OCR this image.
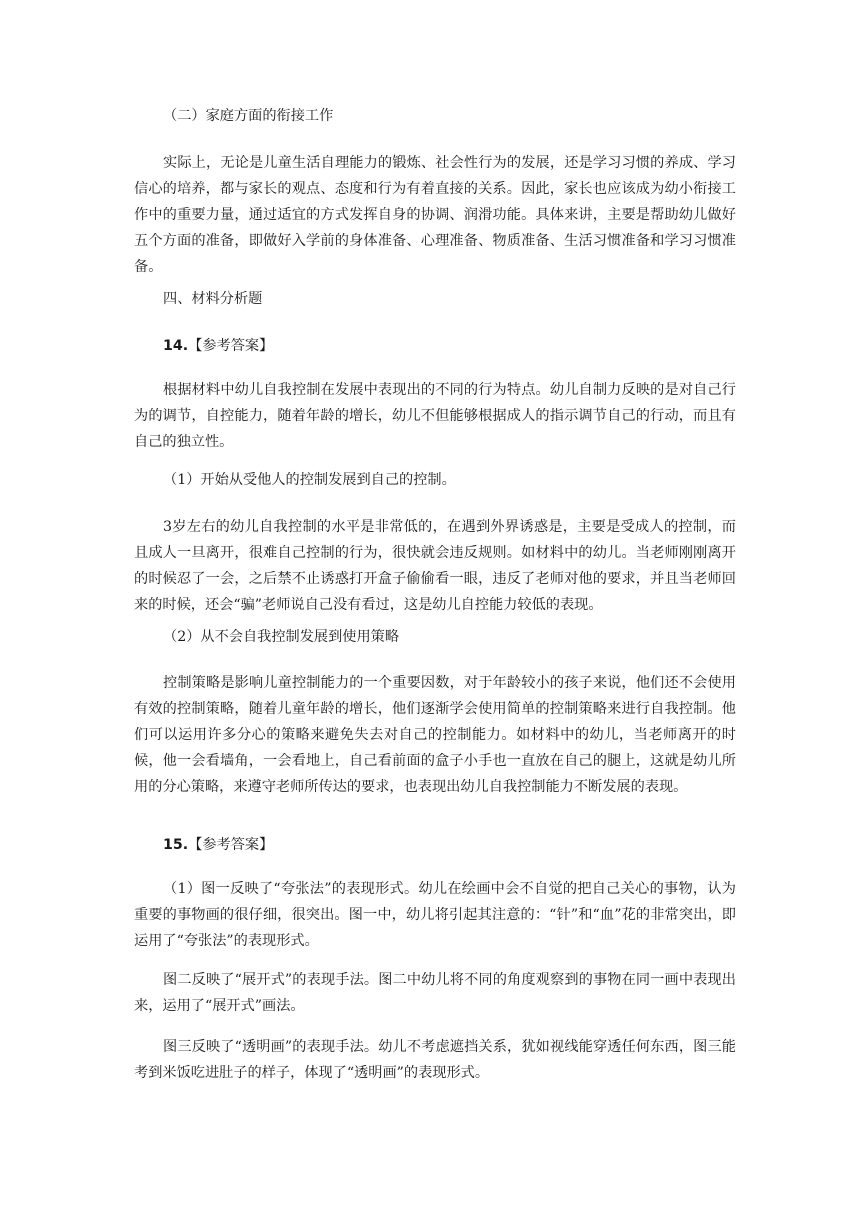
（二）家庭方面的衔接工作

实际上，无论是儿童生活自理能力的锻炼、社会性行为的发展，还是学习习惯的养成、学习信心的培养，都与家长的观点、态度和行为有着直接的关系。因此，家长也应该成为幼小衔接工作中的重要力量，通过适宜的方式发挥自身的协调、润滑功能。具体来讲，主要是帮助幼儿做好五个方面的准备，即做好入学前的身体准备、心理准备、物质准备、生活习惯准备和学习习惯准备。

四、材料分析题

14.【参考答案】

根据材料中幼儿自我控制在发展中表现出的不同的行为特点。幼儿自制力反映的是对自己行为的调节，自控能力，随着年龄的增长，幼儿不但能够根据成人的指示调节自己的行动，而且有自己的独立性。

（1）开始从受他人的控制发展到自己的控制。

3岁左右的幼儿自我控制的水平是非常低的，在遇到外界诱惑是，主要是受成人的控制，而且成人一旦离开，很难自己控制的行为，很快就会违反规则。如材料中的幼儿。当老师刚刚离开的时候忍了一会，之后禁不止诱惑打开盒子偷偷看一眼，违反了老师对他的要求，并且当老师回来的时候，还会“骗”老师说自己没有看过，这是幼儿自控能力较低的表现。

（2）从不会自我控制发展到使用策略

控制策略是影响儿童控制能力的一个重要因数，对于年龄较小的孩子来说，他们还不会使用有效的控制策略，随着儿童年龄的增长，他们逐渐学会使用简单的控制策略来进行自我控制。他们可以运用许多分心的策略来避免失去对自己的控制能力。如材料中的幼儿，当老师离开的时候，他一会看墙角，一会看地上，自己看前面的盒子小手也一直放在自己的腿上，这就是幼儿所用的分心策略，来遵守老师所传达的要求，也表现出幼儿自我控制能力不断发展的表现。

15.【参考答案】

（1）图一反映了“夸张法”的表现形式。幼儿在绘画中会不自觉的把自己关心的事物，认为重要的事物画的很仔细，很突出。图一中，幼儿将引起其注意的：“针”和“血”花的非常突出，即运用了“夸张法”的表现形式。

图二反映了“展开式”的表现手法。图二中幼儿将不同的角度观察到的事物在同一画中表现出来，运用了“展开式”画法。

图三反映了“透明画”的表现手法。幼儿不考虑遮挡关系，犹如视线能穿透任何东西，图三能考到米饭吃进肚子的样子，体现了“透明画”的表现形式。
